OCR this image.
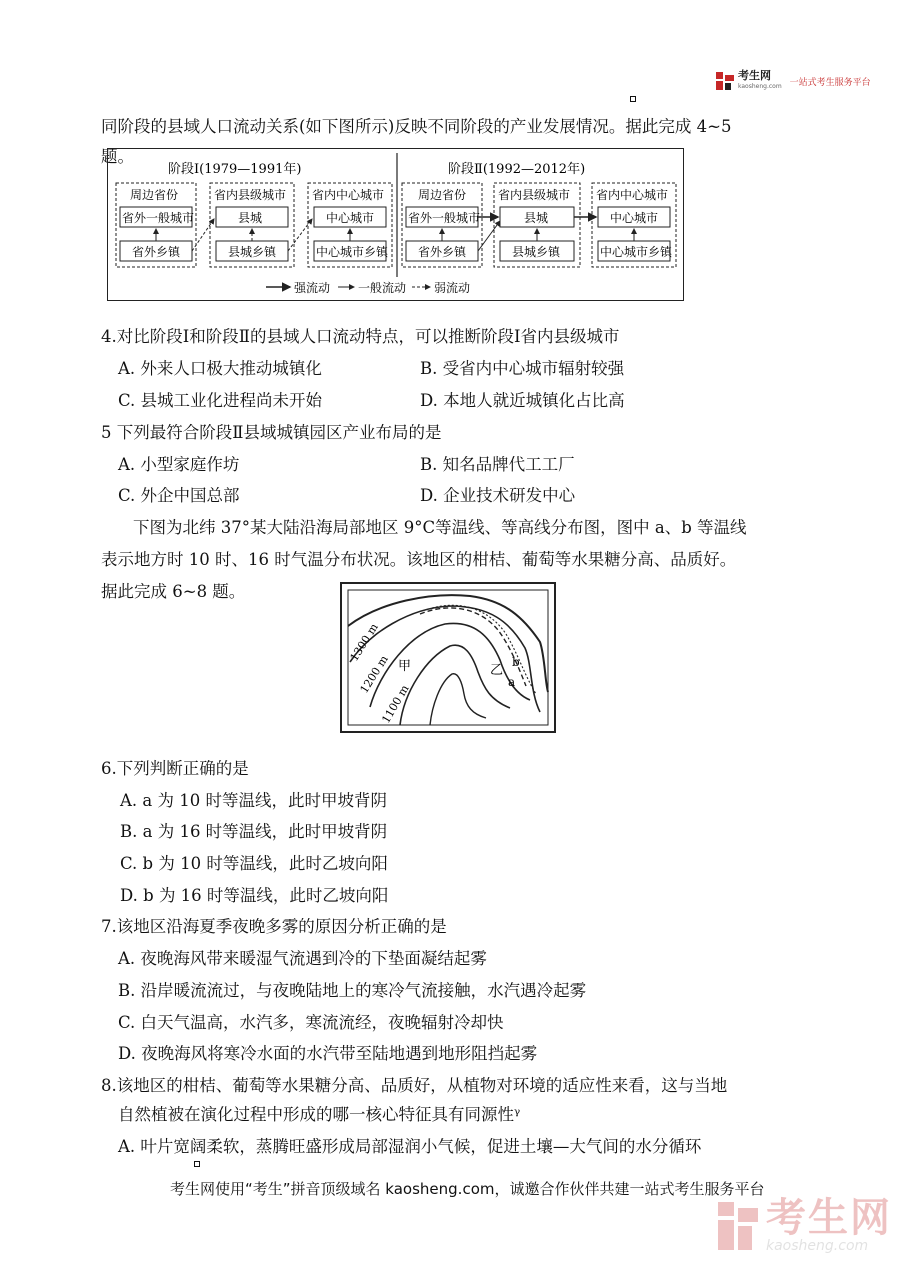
考生网
kaosheng.com 一站式考生服务平台
同阶段的县域人口流动关系(如下图所示)反映不同阶段的产业发展情况。据此完成 4~5
题。
阶段Ⅰ(1979—1991年)	阶段Ⅱ(1992—2012年)
周边省份
省外一般城市
省外乡镇
省内县级城市
县城
县城乡镇
省内中心城市
中心城市
中心城市乡镇
周边省份
省外一般城市
省外乡镇
省内县级城市
县城
县城乡镇
省内中心城市
中心城市
中心城市乡镇
强流动 一般流动 弱流动
4.对比阶段Ⅰ和阶段Ⅱ的县域人口流动特点，可以推断阶段Ⅰ省内县级城市
A. 外来人口极大推动城镇化	B. 受省内中心城市辐射较强
C. 县城工业化进程尚未开始	D. 本地人就近城镇化占比高
5 下列最符合阶段Ⅱ县域城镇园区产业布局的是
A. 小型家庭作坊	B. 知名品牌代工工厂
C. 外企中国总部	D. 企业技术研发中心
下图为北纬 37°某大陆沿海局部地区 9°C等温线、等高线分布图，图中 a、b 等温线
表示地方时 10 时、16 时气温分布状况。该地区的柑桔、葡萄等水果糖分高、品质好。
据此完成 6~8 题。
1300 m
1200 m
1100 m
甲	乙
a
b
6.下列判断正确的是
A. a 为 10 时等温线，此时甲坡背阴
B. a 为 16 时等温线，此时甲坡背阴
C. b 为 10 时等温线，此时乙坡向阳
D. b 为 16 时等温线，此时乙坡向阳
7.该地区沿海夏季夜晚多雾的原因分析正确的是
A. 夜晚海风带来暖湿气流遇到冷的下垫面凝结起雾
B. 沿岸暖流流过，与夜晚陆地上的寒冷气流接触，水汽遇冷起雾
C. 白天气温高，水汽多，寒流流经，夜晚辐射冷却快
D. 夜晚海风将寒冷水面的水汽带至陆地遇到地形阻挡起雾
8.该地区的柑桔、葡萄等水果糖分高、品质好，从植物对环境的适应性来看，这与当地
自然植被在演化过程中形成的哪一核心特征具有同源性ᵞ
A. 叶片宽阔柔软，蒸腾旺盛形成局部湿润小气候，促进土壤—大气间的水分循环
考生网使用“考生”拼音顶级域名 kaosheng.com，诚邀合作伙伴共建一站式考生服务平台
考生网
kaosheng.com
